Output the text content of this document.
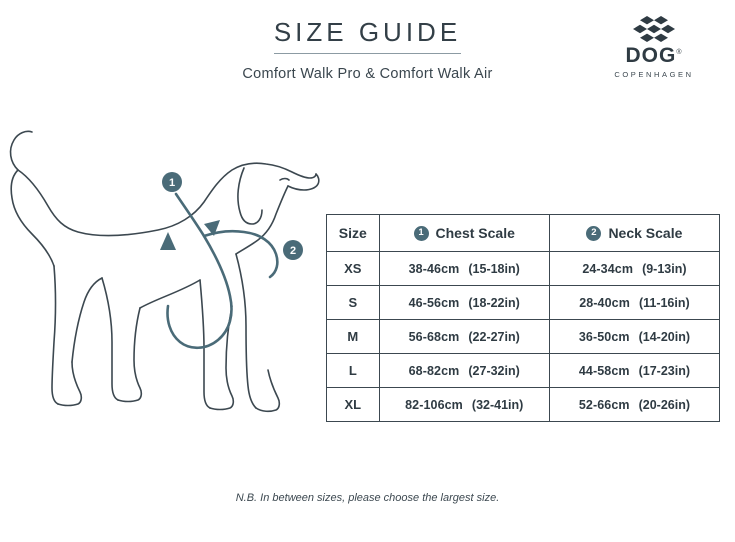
SIZE GUIDE
Comfort Walk Pro & Comfort Walk Air
DOG®
COPENHAGEN
1
2
Size	1 Chest Scale	2 Neck Scale

XS	38-46cm (15-18in)	24-34cm (9-13in)
S	46-56cm (18-22in)	28-40cm (11-16in)
M	56-68cm (22-27in)	36-50cm (14-20in)
L	68-82cm (27-32in)	44-58cm (17-23in)
XL	82-106cm (32-41in)	52-66cm (20-26in)
N.B. In between sizes, please choose the largest size.
